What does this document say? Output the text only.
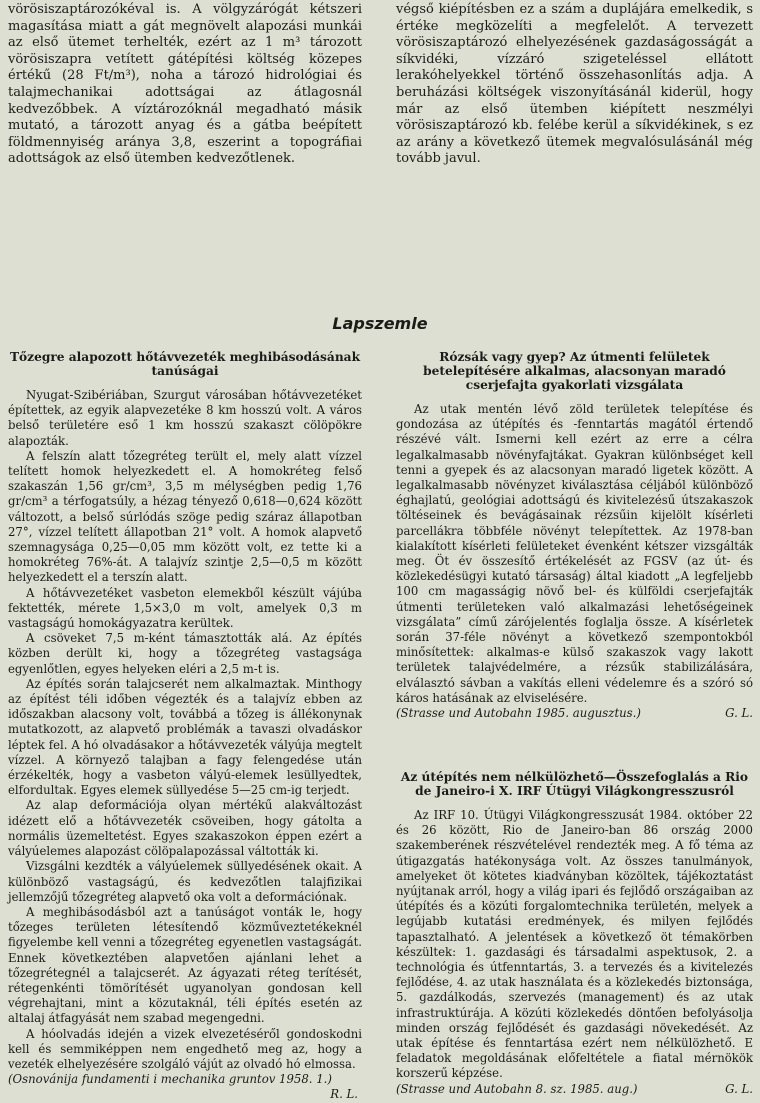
vörösiszaptározókéval is. A völgyzárógát kétszeri magasítása miatt a gát megnövelt alapozási munkái az első ütemet terhelték, ezért az 1 m³ tározott vörösiszapra vetített gátépítési költség közepes értékű (28 Ft/m³), noha a tározó hidrológiai és talajmechanikai adottságai az átlagosnál kedvezőbbek. A víztározóknál megadható másik mutató, a tározott anyag és a gátba beépített földmennyiség aránya 3,8, eszerint a topográfiai adottságok az első ütemben kedvezőtlenek.

végső kiépítésben ez a szám a duplájára emelkedik, s értéke megközelíti a megfelelőt. A tervezett vörösiszaptározó elhelyezésének gazdaságosságát a síkvidéki, vízzáró szigeteléssel ellátott lerakóhelyekkel történő összehasonlítás adja. A beruházási költségek viszonyításánál kiderül, hogy már az első ütemben kiépített neszmélyi vörösiszaptározó kb. felébe kerül a síkvidékinek, s ez az arány a következő ütemek megvalósulásánál még tovább javul.

Lapszemle

Tőzegre alapozott hőtávvezeték meghibásodásának tanúságai

Nyugat-Szibériában, Szurgut városában hőtávvezetéket építettek, az egyik alapvezetéke 8 km hosszú volt. A város belső területére eső 1 km hosszú szakaszt cölöpökre alapozták.

A felszín alatt tőzegréteg terült el, mely alatt vízzel telített homok helyezkedett el. A homokréteg felső szakaszán 1,56 gr/cm³, 3,5 m mélységben pedig 1,76 gr/cm³ a térfogatsúly, a hézag tényező 0,618—0,624 között változott, a belső súrlódás szöge pedig száraz állapotban 27°, vízzel telített állapotban 21° volt. A homok alapvető szemnagysága 0,25—0,05 mm között volt, ez tette ki a homokréteg 76%-át. A talajvíz szintje 2,5—0,5 m között helyezkedett el a terszín alatt.

A hőtávvezetéket vasbeton elemekből készült vájúba fektették, mérete 1,5×3,0 m volt, amelyek 0,3 m vastagságú homokágyazatra kerültek.

A csöveket 7,5 m-ként támasztották alá. Az építés közben derült ki, hogy a tőzegréteg vastagsága egyenlőtlen, egyes helyeken eléri a 2,5 m-t is.

Az építés során talajcserét nem alkalmaztak. Minthogy az építést téli időben végezték és a talajvíz ebben az időszakban alacsony volt, továbbá a tőzeg is állékonynak mutatkozott, az alapvető problémák a tavaszi olvadáskor léptek fel. A hó olvadásakor a hőtávvezeték vályúja megtelt vízzel. A környező talajban a fagy felengedése után érzékelték, hogy a vasbeton vályú-elemek lesüllyedtek, elfordultak. Egyes elemek süllyedése 5—25 cm-ig terjedt.

Az alap deformációja olyan mértékű alakváltozást idézett elő a hőtávvezeték csöveiben, hogy gátolta a normális üzemeltetést. Egyes szakaszokon éppen ezért a vályúelemes alapozást cölöpalapozással váltották ki.

Vizsgálni kezdték a vályúelemek süllyedésének okait. A különböző vastagságú, és kedvezőtlen talajfizikai jellemzőjű tőzegréteg alapvető oka volt a deformációnak.

A meghibásodásból azt a tanúságot vonták le, hogy tőzeges területen létesítendő közműveztetékeknél figyelembe kell venni a tőzegréteg egyenetlen vastagságát. Ennek következtében alapvetően ajánlani lehet a tőzegrétegnél a talajcserét. Az ágyazati réteg terítését, rétegenkénti tömörítését ugyanolyan gondosan kell végrehajtani, mint a közutaknál, téli építés esetén az altalaj átfagyását nem szabad megengedni.

A hóolvadás idején a vizek elvezetéséről gondoskodni kell és semmiképpen nem engedhető meg az, hogy a vezeték elhelyezésére szolgáló vájút az olvadó hó elmossa.

(Osnovánija fundamenti i mechanika gruntov 1958. 1.)
R. L.

Rózsák vagy gyep? Az útmenti felületek betelepítésére alkalmas, alacsonyan maradó cserjefajta gyakorlati vizsgálata

Az utak mentén lévő zöld területek telepítése és gondozása az útépítés és -fenntartás magától értendő részévé vált. Ismerni kell ezért az erre a célra legalkalmasabb növényfajtákat. Gyakran különbséget kell tenni a gyepek és az alacsonyan maradó ligetek között. A legalkalmasabb növényzet kiválasztása céljából különböző éghajlatú, geológiai adottságú és kivitelezésű útszakaszok töltéseinek és bevágásainak rézsűin kijelölt kísérleti parcellákra többféle növényt telepítettek. Az 1978-ban kialakított kísérleti felületeket évenként kétszer vizsgálták meg. Öt év összesítő értékelését az FGSV (az út- és közlekedésügyi kutató társaság) által kiadott „A legfeljebb 100 cm magasságig növő bel- és külföldi cserjefajták útmenti területeken való alkalmazási lehetőségeinek vizsgálata” című zárójelentés foglalja össze. A kísérletek során 37-féle növényt a következő szempontokból minősítettek: alkalmas-e külső szakaszok vagy lakott területek talajvédelmére, a rézsűk stabilizálására, elválasztó sávban a vakítás elleni védelemre és a szóró só káros hatásának az elviselésére.

(Strasse und Autobahn 1985. augusztus.)	G. L.

Az útépítés nem nélkülözhető—Összefoglalás a Rio de Janeiro-i X. IRF Útügyi Világkongresszusról

Az IRF 10. Útügyi Világkongresszusát 1984. október 22 és 26 között, Rio de Janeiro-ban 86 ország 2000 szakemberének részvételével rendezték meg. A fő téma az útigazgatás hatékonysága volt. Az összes tanulmányok, amelyeket öt kötetes kiadványban közöltek, tájékoztatást nyújtanak arról, hogy a világ ipari és fejlődő országaiban az útépítés és a közúti forgalomtechnika területén, melyek a legújabb kutatási eredmények, és milyen fejlődés tapasztalható. A jelentések a következő öt témakörben készültek: 1. gazdasági és társadalmi aspektusok, 2. a technológia és útfenntartás, 3. a tervezés és a kivitelezés fejlődése, 4. az utak használata és a közlekedés biztonsága, 5. gazdálkodás, szervezés (management) és az utak infrastruktúrája. A közúti közlekedés döntően befolyásolja minden ország fejlődését és gazdasági növekedését. Az utak építése és fenntartása ezért nem nélkülözhető. E feladatok megoldásának előfeltétele a fiatal mérnökök korszerű képzése.

(Strasse und Autobahn 8. sz. 1985. aug.)	G. L.
